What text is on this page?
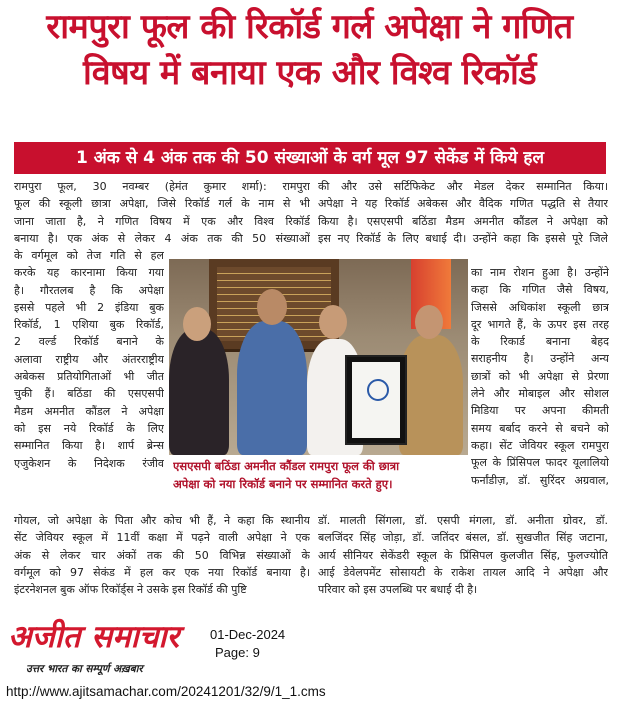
रामपुरा फूल की रिकॉर्ड गर्ल अपेक्षा ने गणित
विषय में बनाया एक और विश्व रिकॉर्ड
1 अंक से 4 अंक तक की 50 संख्याओं के वर्ग मूल 97 सेकेंड में किये हल
रामपुरा फूल, 30 नवम्बर (हेमंत कुमार शर्मा): रामपुरा
फूल की स्कूली छात्रा अपेक्षा, जिसे रिकॉर्ड गर्ल के नाम से भी
जाना जाता है, ने गणित विषय में एक और विश्व रिकॉर्ड
बनाया है। एक अंक से लेकर 4 अंक तक की 50 संख्याओं
के वर्गमूल को तेज गति से हल
करके यह कारनामा किया गया
है। गौरतलब है कि अपेक्षा
इससे पहले भी 2 इंडिया बुक
रिकॉर्ड, 1 एशिया बुक रिकॉर्ड,
2 वर्ल्ड रिकॉर्ड बनाने के
अलावा राष्ट्रीय और अंतरराष्ट्रीय
अबेकस प्रतियोगिताओं भी जीत
चुकी हैं। बठिंडा की एसएसपी
मैडम अमनीत कौंडल ने अपेक्षा
को इस नये रिकॉर्ड के लिए
सम्मानित किया है। शार्प ब्रेन्स
एजुकेशन के निदेशक रंजीव
गोयल, जो अपेक्षा के पिता और कोच भी हैं, ने कहा कि स्थानीय
सेंट जेवियर स्कूल में 11वीं कक्षा में पढ़ने वाली अपेक्षा ने एक
अंक से लेकर चार अंकों तक की 50 विभिन्न संख्याओं के
वर्गमूल को 97 सेकंड में हल कर एक नया रिकॉर्ड बनाया है।
इंटरनेशनल बुक ऑफ रिकॉर्ड्स ने उसके इस रिकॉर्ड की पुष्टि
की और उसे सर्टिफिकेट और मेडल देकर सम्मानित किया।
अपेक्षा ने यह रिकॉर्ड अबेकस और वैदिक गणित पद्धति से तैयार
किया है। एसएसपी बठिंडा मैडम अमनीत कौंडल ने अपेक्षा को
इस नए रिकॉर्ड के लिए बधाई दी। उन्होंने कहा कि इससे पूरे जिले
का नाम रोशन हुआ है। उन्होंने
कहा कि गणित जैसे विषय,
जिससे अधिकांश स्कूली छात्र
दूर भागते हैं, के ऊपर इस तरह
के रिकार्ड बनाना बेहद
सराहनीय है। उन्होंने अन्य
छात्रों को भी अपेक्षा से प्रेरणा
लेने और मोबाइल और सोशल
मिडिया पर अपना कीमती
समय बर्बाद करने से बचने को
कहा। सेंट जेवियर स्कूल रामपुरा
फूल के प्रिंसिपल फादर यूलालियो
फर्नांडीज़, डॉ. सुरिंदर अग्रवाल,
डॉ. मालती सिंगला, डॉ. एसपी मंगला, डॉ. अनीता ग्रोवर, डॉ.
बलजिंदर सिंह जोड़ा, डॉ. जतिंदर बंसल, डॉ. सुखजीत सिंह जटाना,
आर्य सीनियर सेकेंडरी स्कूल के प्रिंसिपल कुलजीत सिंह, फुलज्योति
आई डेवेलपमेंट सोसायटी के राकेश तायल आदि ने अपेक्षा और
परिवार को इस उपलब्धि पर बधाई दी है।
एसएसपी बठिंडा अमनीत कौंडल रामपुरा फूल की छात्रा
अपेक्षा को नया रिकॉर्ड बनाने पर सम्मानित करते हुए।
अजीत समाचार
उत्तर भारत का सम्पूर्ण अख़बार
01-Dec-2024
Page: 9
http://www.ajitsamachar.com/20241201/32/9/1_1.cms
